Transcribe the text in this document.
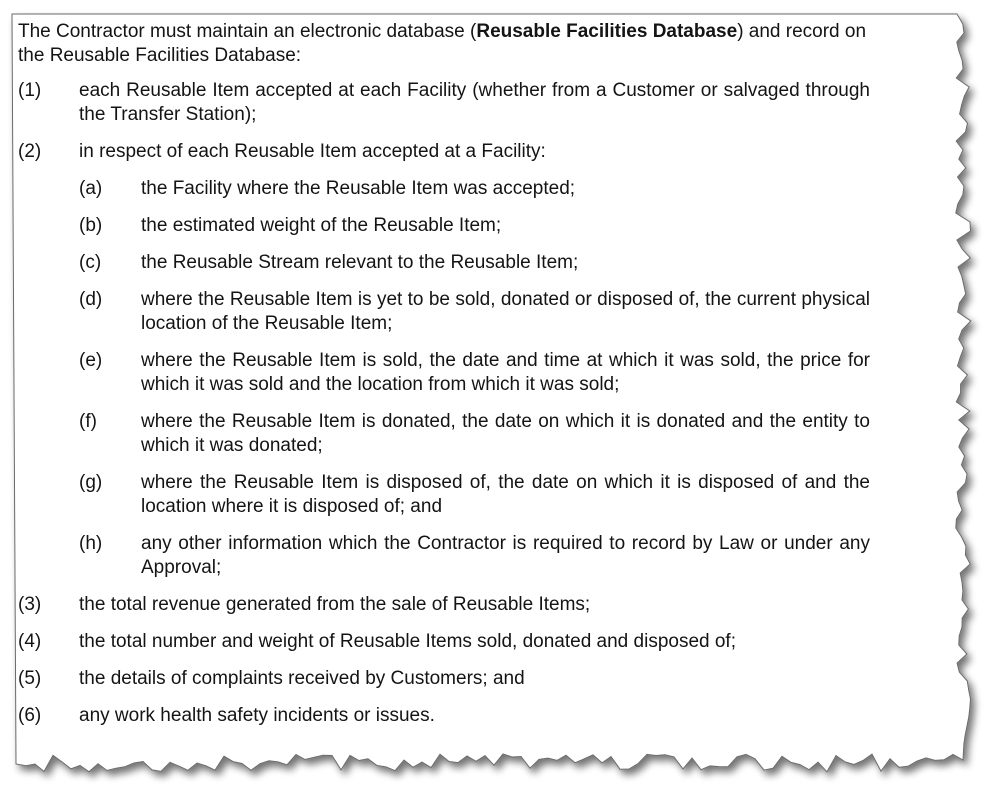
The Contractor must maintain an electronic database (Reusable Facilities Database) and record on the Reusable Facilities Database:

(1) each Reusable Item accepted at each Facility (whether from a Customer or salvaged through the Transfer Station);
(2) in respect of each Reusable Item accepted at a Facility:
(a) the Facility where the Reusable Item was accepted;
(b) the estimated weight of the Reusable Item;
(c) the Reusable Stream relevant to the Reusable Item;
(d) where the Reusable Item is yet to be sold, donated or disposed of, the current physical location of the Reusable Item;
(e) where the Reusable Item is sold, the date and time at which it was sold, the price for which it was sold and the location from which it was sold;
(f) where the Reusable Item is donated, the date on which it is donated and the entity to which it was donated;
(g) where the Reusable Item is disposed of, the date on which it is disposed of and the location where it is disposed of; and
(h) any other information which the Contractor is required to record by Law or under any Approval;
(3) the total revenue generated from the sale of Reusable Items;
(4) the total number and weight of Reusable Items sold, donated and disposed of;
(5) the details of complaints received by Customers; and
(6) any work health safety incidents or issues.
